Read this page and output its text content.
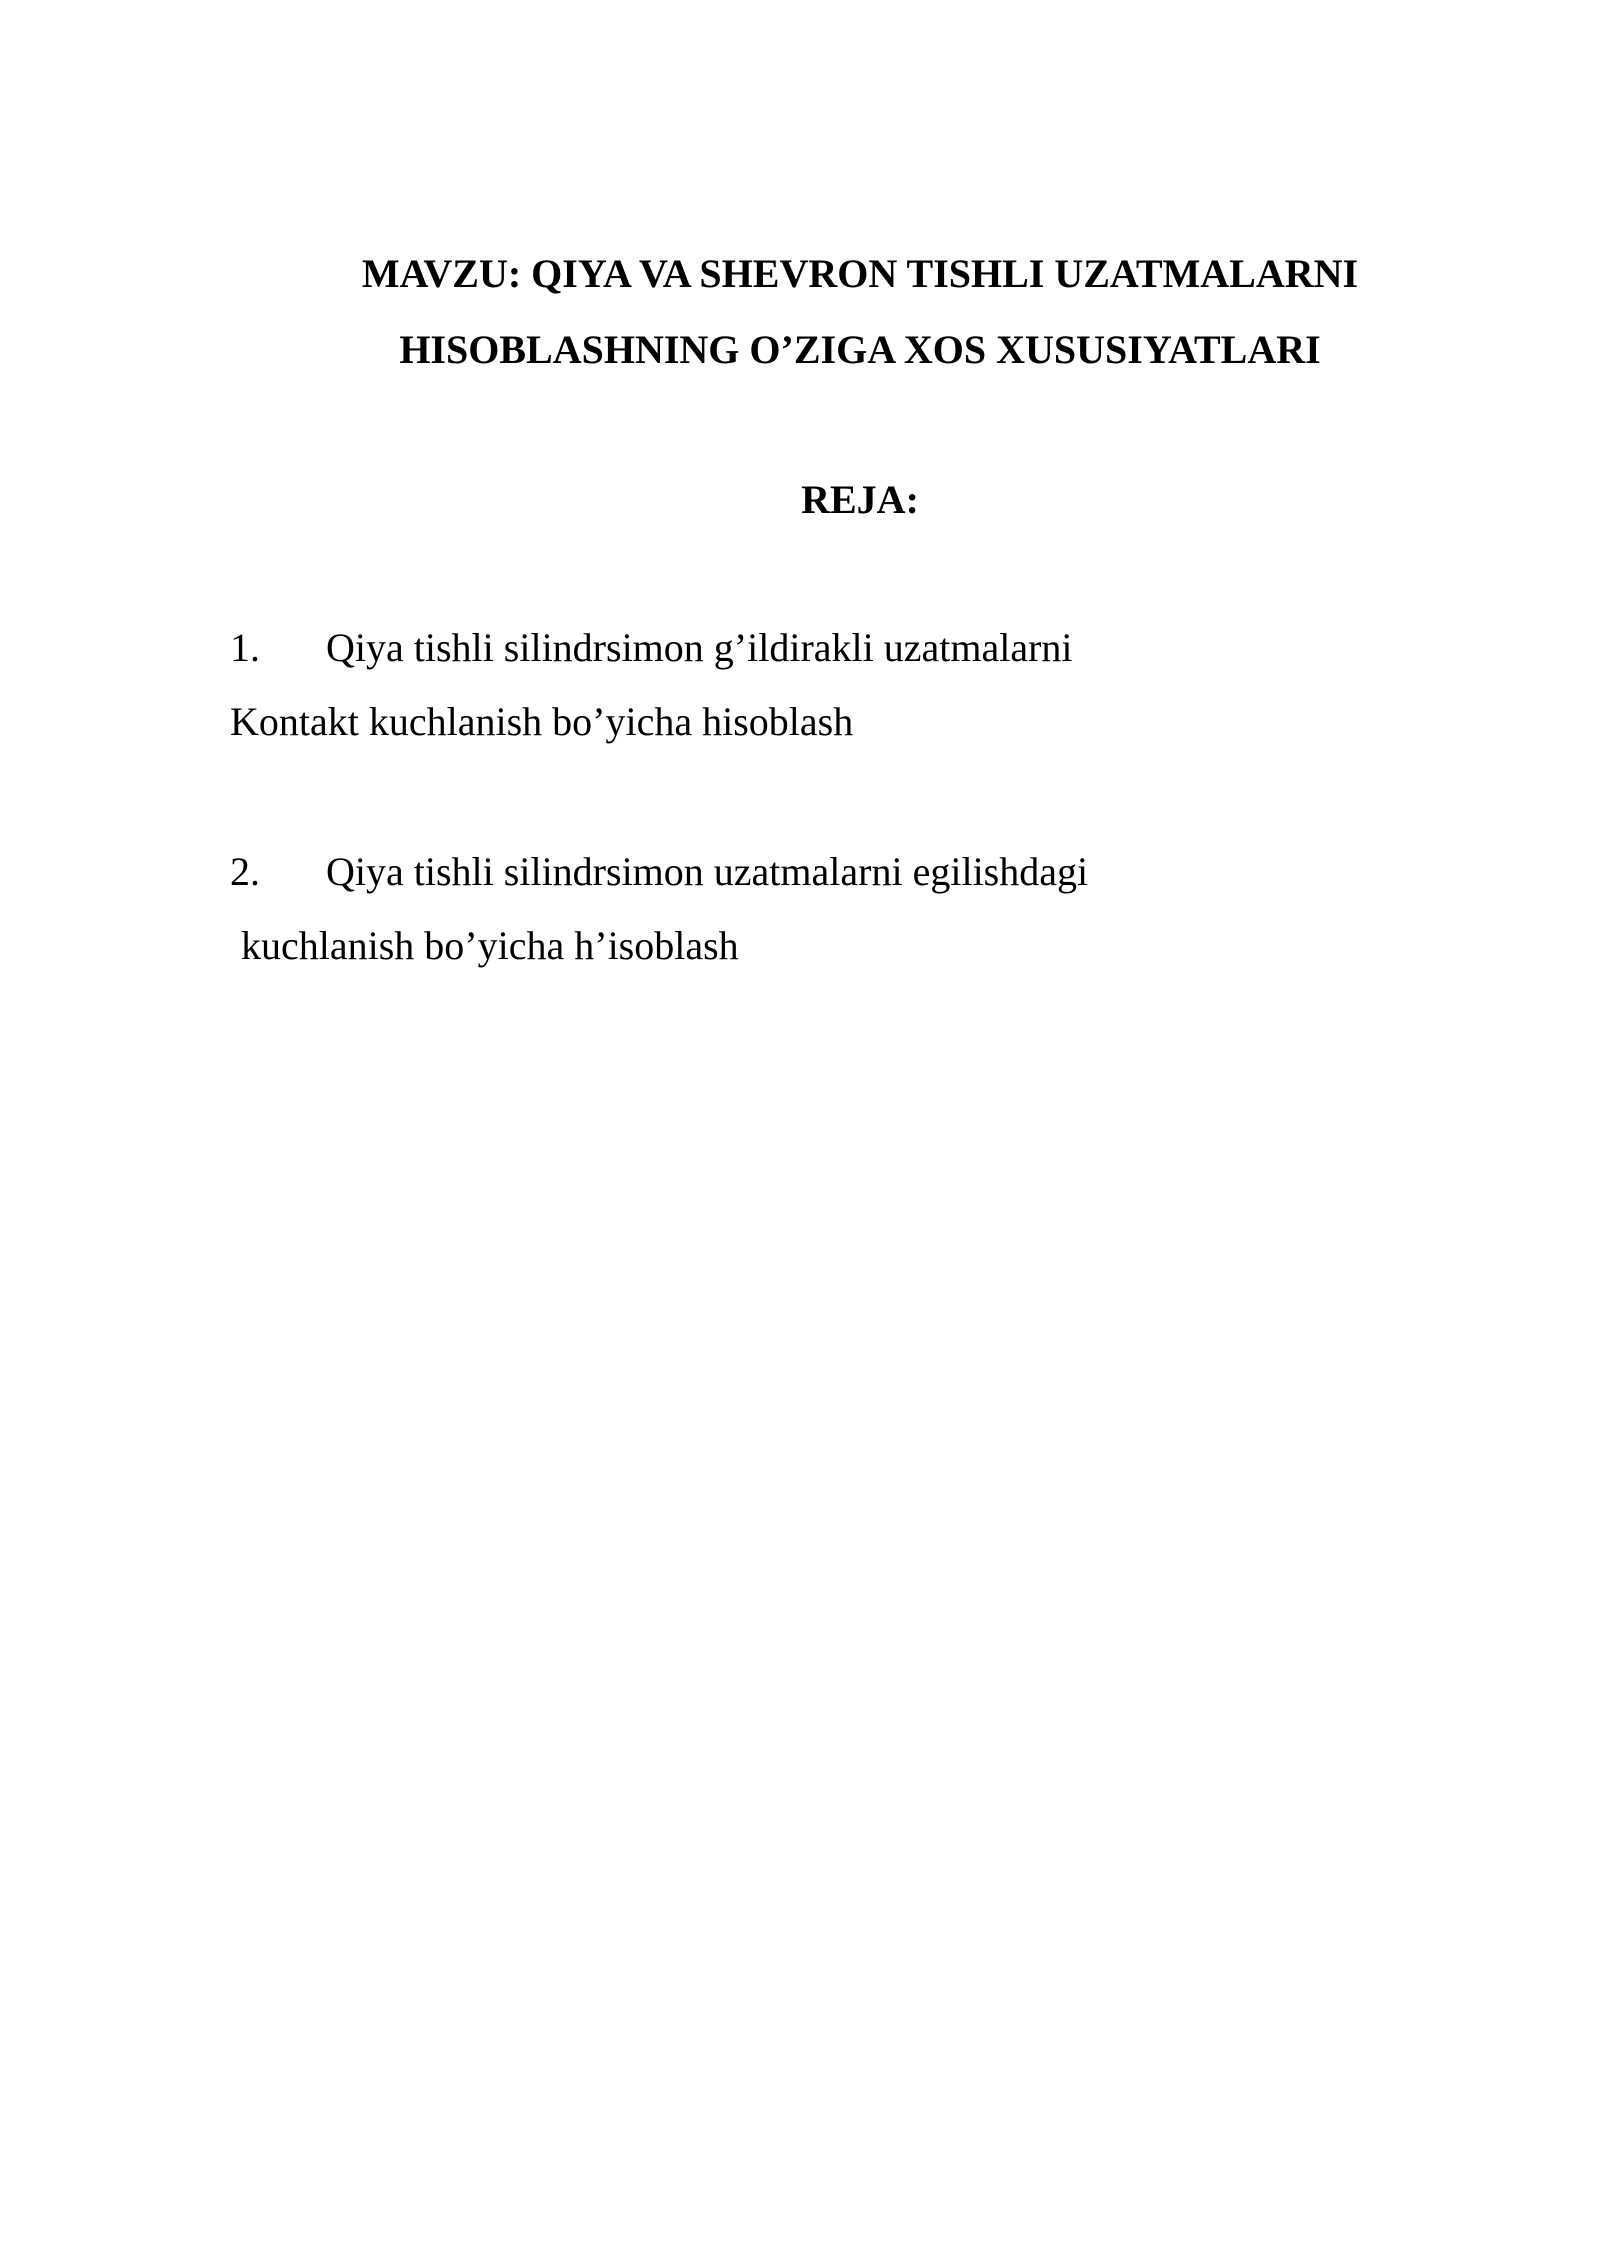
MAVZU: QIYA VA SHEVRON TISHLI UZATMALARNI
HISOBLASHNING O’ZIGA XOS XUSUSIYATLARI
REJA:
1.	Qiya tishli silindrsimon g’ildirakli uzatmalarni
Kontakt kuchlanish bo’yicha hisoblash
2.	Qiya tishli silindrsimon uzatmalarni egilishdagi
kuchlanish bo’yicha h’isoblash
